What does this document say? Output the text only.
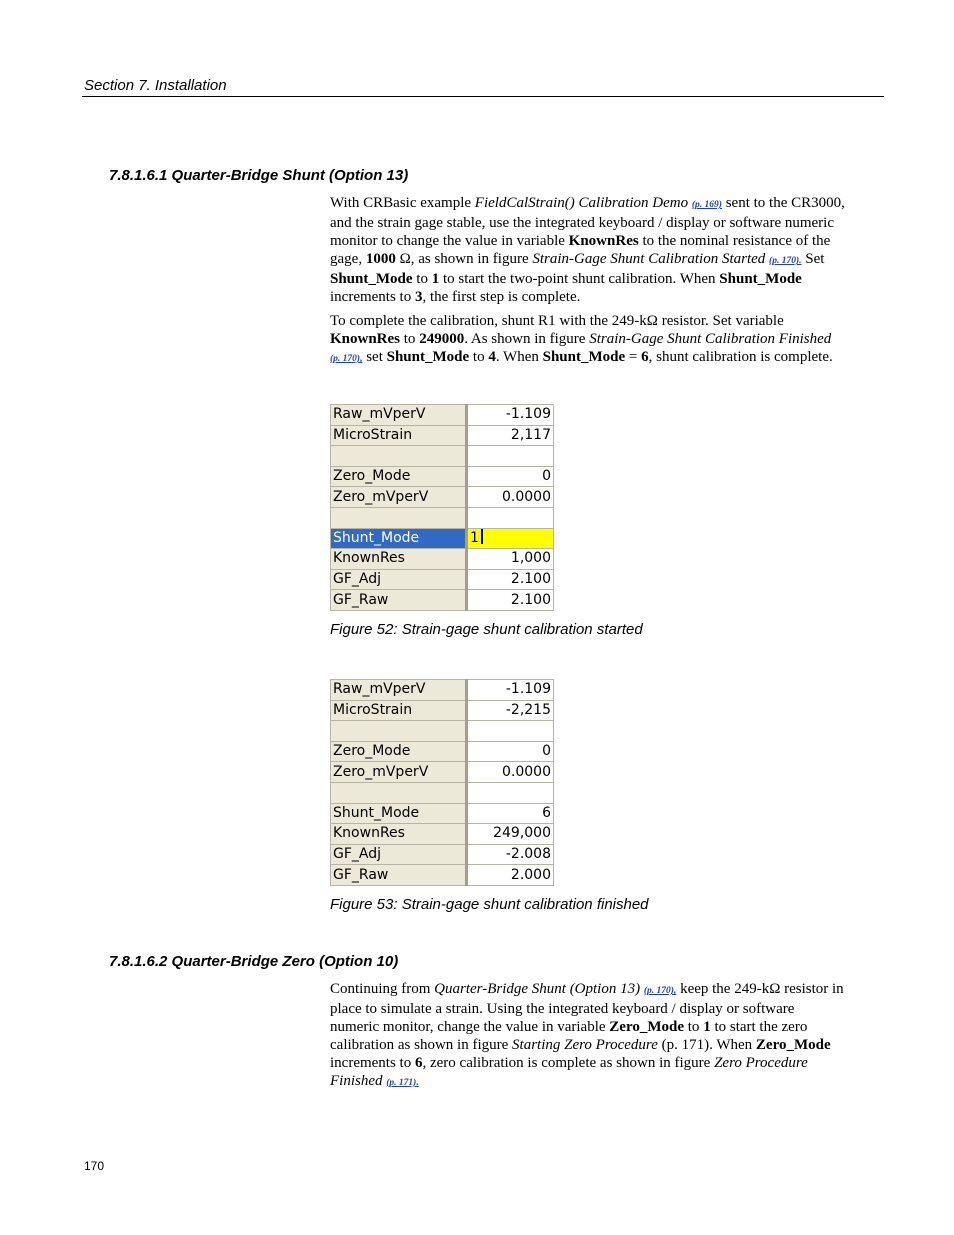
Section 7. Installation
7.8.1.6.1 Quarter-Bridge Shunt (Option 13)
With CRBasic example FieldCalStrain() Calibration Demo (p. 169) sent to the CR3000, and the strain gage stable, use the integrated keyboard / display or software numeric monitor to change the value in variable KnownRes to the nominal resistance of the gage, 1000 Ω, as shown in figure Strain-Gage Shunt Calibration Started (p. 170). Set Shunt_Mode to 1 to start the two-point shunt calibration. When Shunt_Mode increments to 3, the first step is complete.
To complete the calibration, shunt R1 with the 249-kΩ resistor. Set variable KnownRes to 249000. As shown in figure Strain-Gage Shunt Calibration Finished (p. 170), set Shunt_Mode to 4. When Shunt_Mode = 6, shunt calibration is complete.
Raw_mVperV	-1.109
MicroStrain	2,117

Zero_Mode	0
Zero_mVperV	0.0000

Shunt_Mode	1
KnownRes	1,000
GF_Adj	2.100
GF_Raw	2.100
Figure 52: Strain-gage shunt calibration started
Raw_mVperV	-1.109
MicroStrain	-2,215

Zero_Mode	0
Zero_mVperV	0.0000

Shunt_Mode	6
KnownRes	249,000
GF_Adj	-2.008
GF_Raw	2.000
Figure 53: Strain-gage shunt calibration finished
7.8.1.6.2 Quarter-Bridge Zero (Option 10)
Continuing from Quarter-Bridge Shunt (Option 13) (p. 170), keep the 249-kΩ resistor in place to simulate a strain. Using the integrated keyboard / display or software numeric monitor, change the value in variable Zero_Mode to 1 to start the zero calibration as shown in figure Starting Zero Procedure (p. 171). When Zero_Mode increments to 6, zero calibration is complete as shown in figure Zero Procedure Finished (p. 171).
170
